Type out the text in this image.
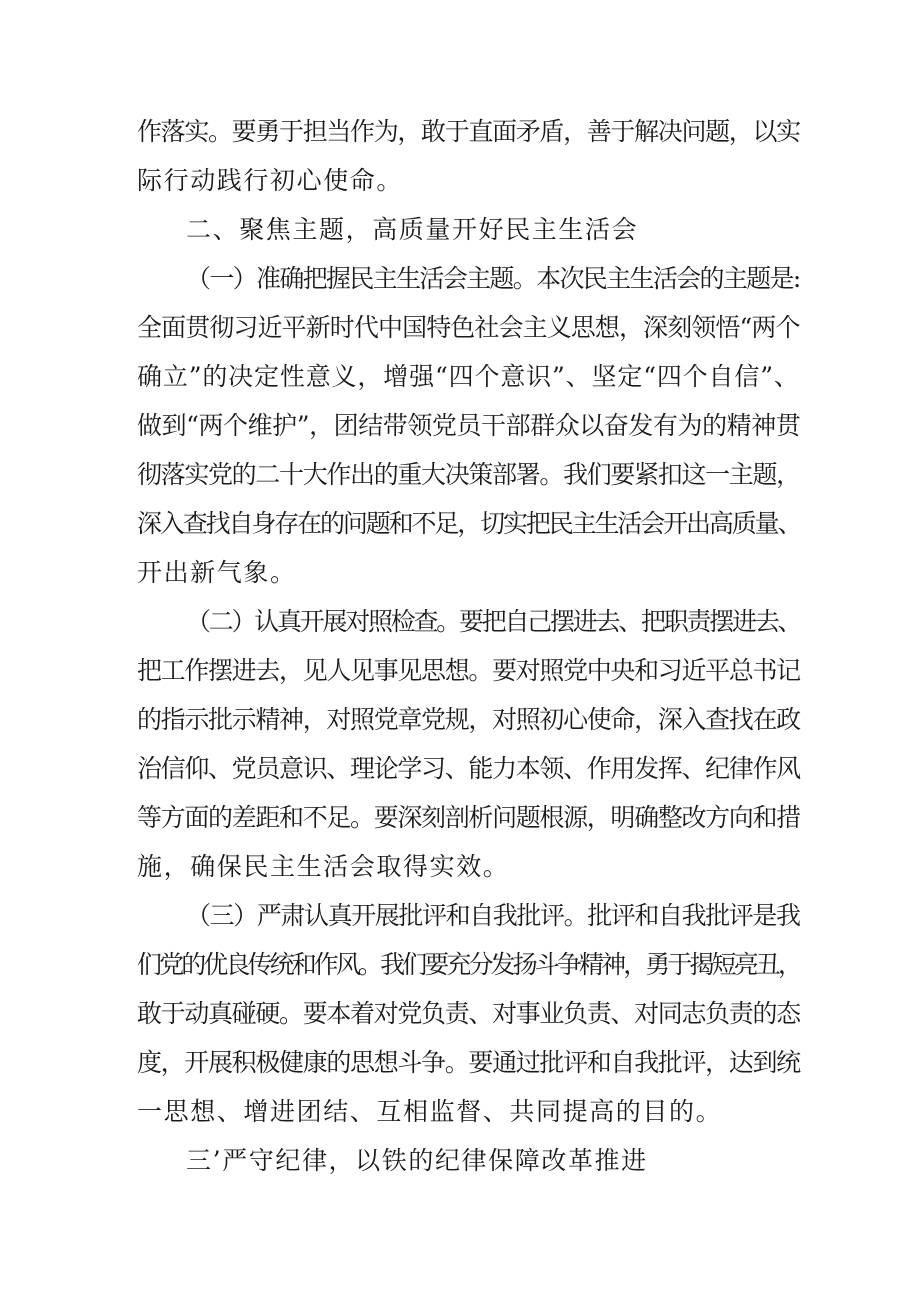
作落实。要勇于担当作为，敢于直面矛盾，善于解决问题，以实
际行动践行初心使命。
二、聚焦主题，高质量开好民主生活会
（一）准确把握民主生活会主题。本次民主生活会的主题是:
全面贯彻习近平新时代中国特色社会主义思想，深刻领悟“两个
确立”的决定性意义，增强“四个意识”、坚定“四个自信”、
做到“两个维护”，团结带领党员干部群众以奋发有为的精神贯
彻落实党的二十大作出的重大决策部署。我们要紧扣这一主题，
深入查找自身存在的问题和不足，切实把民主生活会开出高质量、
开出新气象。
（二）认真开展对照检查。要把自己摆进去、把职责摆进去、
把工作摆进去，见人见事见思想。要对照党中央和习近平总书记
的指示批示精神，对照党章党规，对照初心使命，深入查找在政
治信仰、党员意识、理论学习、能力本领、作用发挥、纪律作风
等方面的差距和不足。要深刻剖析问题根源，明确整改方向和措
施，确保民主生活会取得实效。
（三）严肃认真开展批评和自我批评。批评和自我批评是我
们党的优良传统和作风。我们要充分发扬斗争精神，勇于揭短亮丑，
敢于动真碰硬。要本着对党负责、对事业负责、对同志负责的态
度，开展积极健康的思想斗争。要通过批评和自我批评，达到统
一思想、增进团结、互相监督、共同提高的目的。
三’严守纪律，以铁的纪律保障改革推进
